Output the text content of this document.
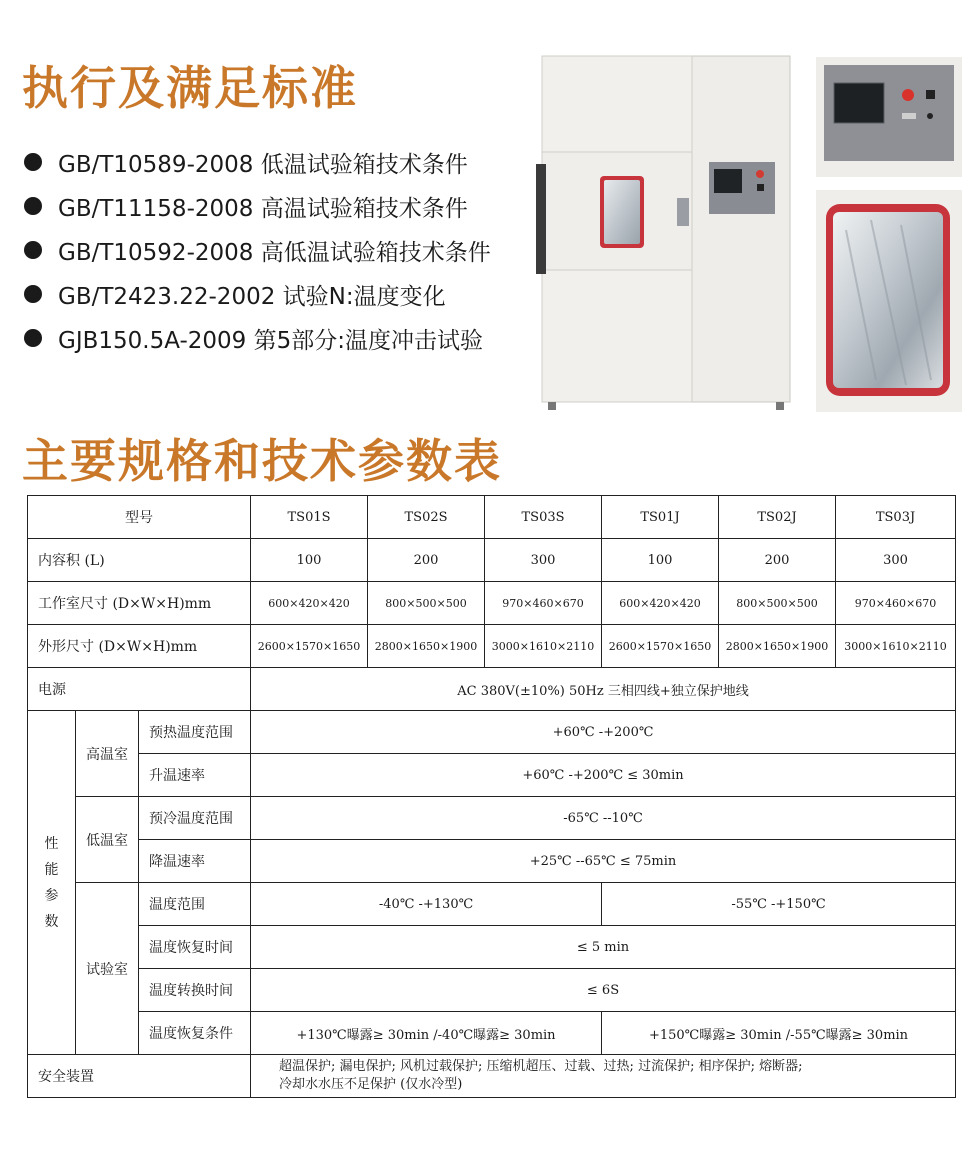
执行及满足标准
GB/T10589-2008 低温试验箱技术条件
GB/T11158-2008 高温试验箱技术条件
GB/T10592-2008 高低温试验箱技术条件
GB/T2423.22-2002 试验N:温度变化
GJB150.5A-2009 第5部分:温度冲击试验
主要规格和技术参数表
型号			TS01S	TS02S	TS03S	TS01J	TS02J	TS03J
内容积 (L)			100	200	300	100	200	300
工作室尺寸 (D×W×H)mm			600×420×420	800×500×500	970×460×670	600×420×420	800×500×500	970×460×670
外形尺寸 (D×W×H)mm			2600×1570×1650	2800×1650×1900	3000×1610×2110	2600×1570×1650	2800×1650×1900	3000×1610×2110
电源			AC 380V(±10%) 50Hz 三相四线+独立保护地线					
性能参数	高温室	预热温度范围	+60℃ -+200℃					
		升温速率	+60℃ -+200℃ ≤ 30min					
	低温室	预冷温度范围	-65℃ --10℃					
		降温速率	+25℃ --65℃ ≤ 75min					
	试验室	温度范围	-40℃ -+130℃			-55℃ -+150℃		
		温度恢复时间	≤ 5 min					
		温度转换时间	≤ 6S					
		温度恢复条件	+130℃曝露≥ 30min /-40℃曝露≥ 30min			+150℃曝露≥ 30min /-55℃曝露≥ 30min		
安全装置			超温保护; 漏电保护; 风机过载保护; 压缩机超压、过载、过热; 过流保护; 相序保护; 熔断器;
冷却水水压不足保护 (仅水冷型)					
